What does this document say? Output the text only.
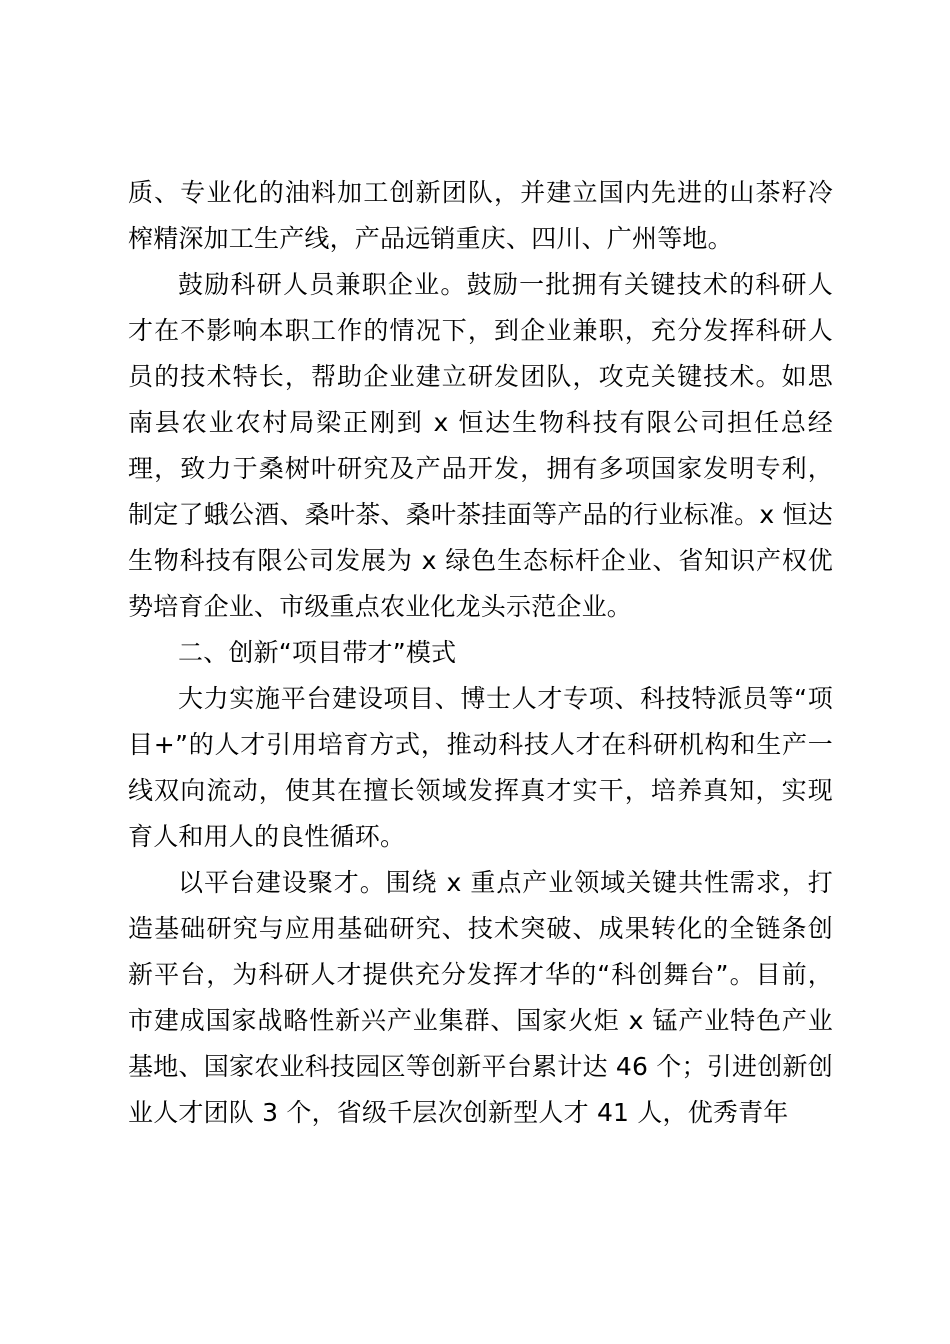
质、专业化的油料加工创新团队，并建立国内先进的山茶籽冷榨精深加工生产线，产品远销重庆、四川、广州等地。

鼓励科研人员兼职企业。鼓励一批拥有关键技术的科研人才在不影响本职工作的情况下，到企业兼职，充分发挥科研人员的技术特长，帮助企业建立研发团队，攻克关键技术。如思南县农业农村局梁正刚到 x 恒达生物科技有限公司担任总经理，致力于桑树叶研究及产品开发，拥有多项国家发明专利，制定了蛾公酒、桑叶茶、桑叶茶挂面等产品的行业标准。x 恒达生物科技有限公司发展为 x 绿色生态标杆企业、省知识产权优势培育企业、市级重点农业化龙头示范企业。

二、创新“项目带才”模式

大力实施平台建设项目、博士人才专项、科技特派员等“项目+”的人才引用培育方式，推动科技人才在科研机构和生产一线双向流动，使其在擅长领域发挥真才实干，培养真知，实现育人和用人的良性循环。

以平台建设聚才。围绕 x 重点产业领域关键共性需求，打造基础研究与应用基础研究、技术突破、成果转化的全链条创新平台，为科研人才提供充分发挥才华的“科创舞台”。目前，市建成国家战略性新兴产业集群、国家火炬 x 锰产业特色产业基地、国家农业科技园区等创新平台累计达 46 个；引进创新创业人才团队 3 个，省级千层次创新型人才 41 人，优秀青年
